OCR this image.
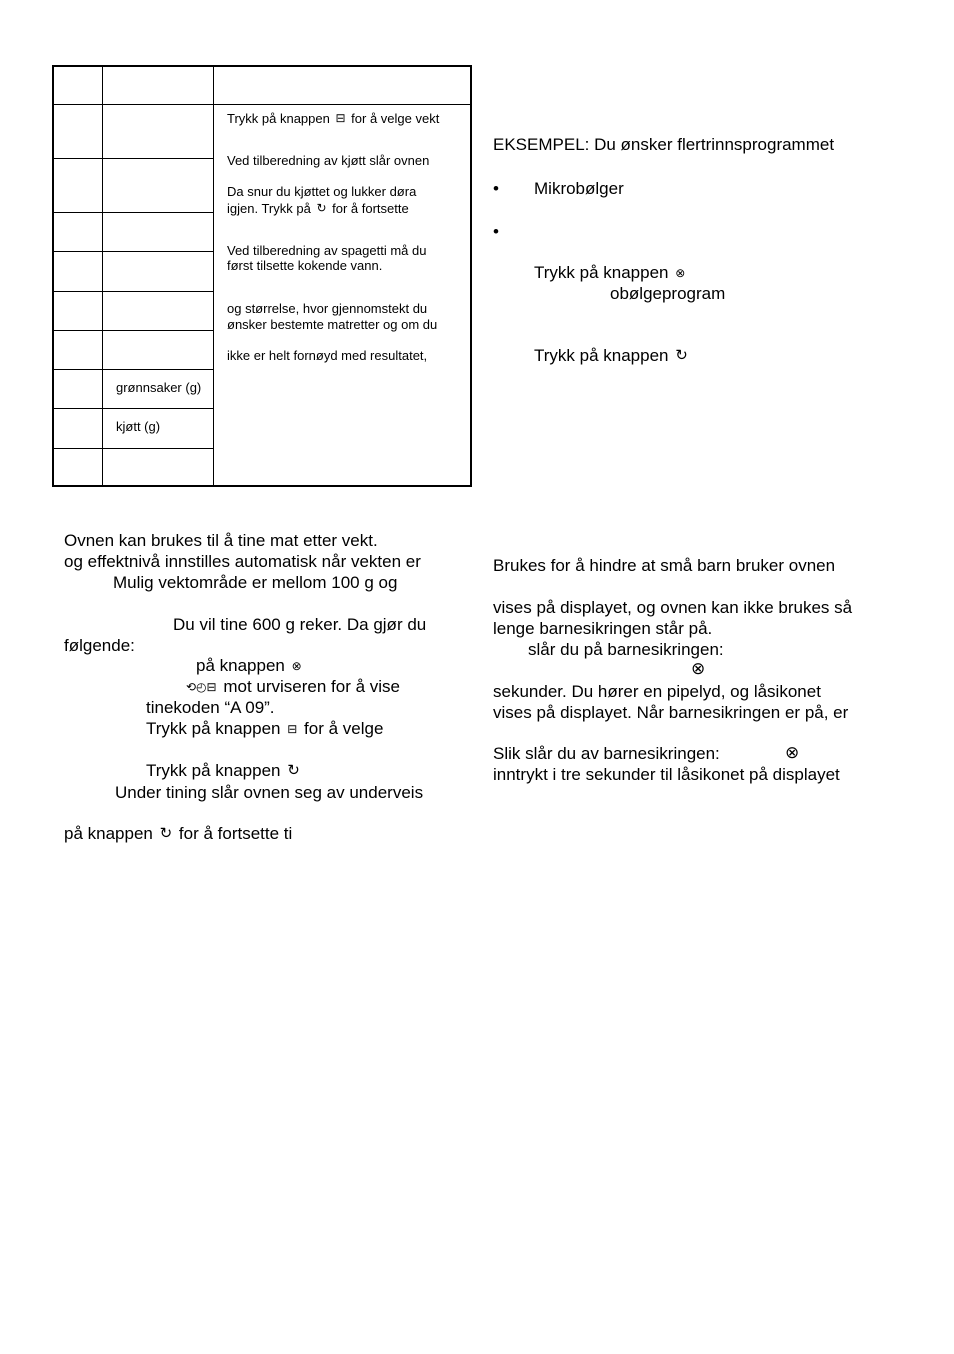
grønnsaker (g)
kjøtt (g)
Trykk på knappen ⊟ for å velge vekt
Ved tilberedning av kjøtt slår ovnen
Da snur du kjøttet og lukker døra
igjen. Trykk på ↻ for å fortsette
Ved tilberedning av spagetti må du
først tilsette kokende vann.
og størrelse, hvor gjennomstekt du
ønsker bestemte matretter og om du
ikke er helt fornøyd med resultatet,
EKSEMPEL: Du ønsker flertrinnsprogrammet
• Mikrobølger
•
Trykk på knappen ⊗
obølgeprogram
Trykk på knappen ↻
Ovnen kan brukes til å tine mat etter vekt.
og effektnivå innstilles automatisk når vekten er
Mulig vektområde er mellom 100 g og
Du vil tine 600 g reker. Da gjør du
følgende:
på knappen ⊗
⟲◴⊟ mot urviseren for å vise
tinekoden “A 09”.
Trykk på knappen ⊟ for å velge
Trykk på knappen ↻
Under tining slår ovnen seg av underveis
på knappen ↻ for å fortsette ti
Brukes for å hindre at små barn bruker ovnen
vises på displayet, og ovnen kan ikke brukes så
lenge barnesikringen står på.
slår du på barnesikringen:
⊗
sekunder. Du hører en pipelyd, og låsikonet
vises på displayet. Når barnesikringen er på, er
Slik slår du av barnesikringen:	⊗
inntrykt i tre sekunder til låsikonet på displayet
